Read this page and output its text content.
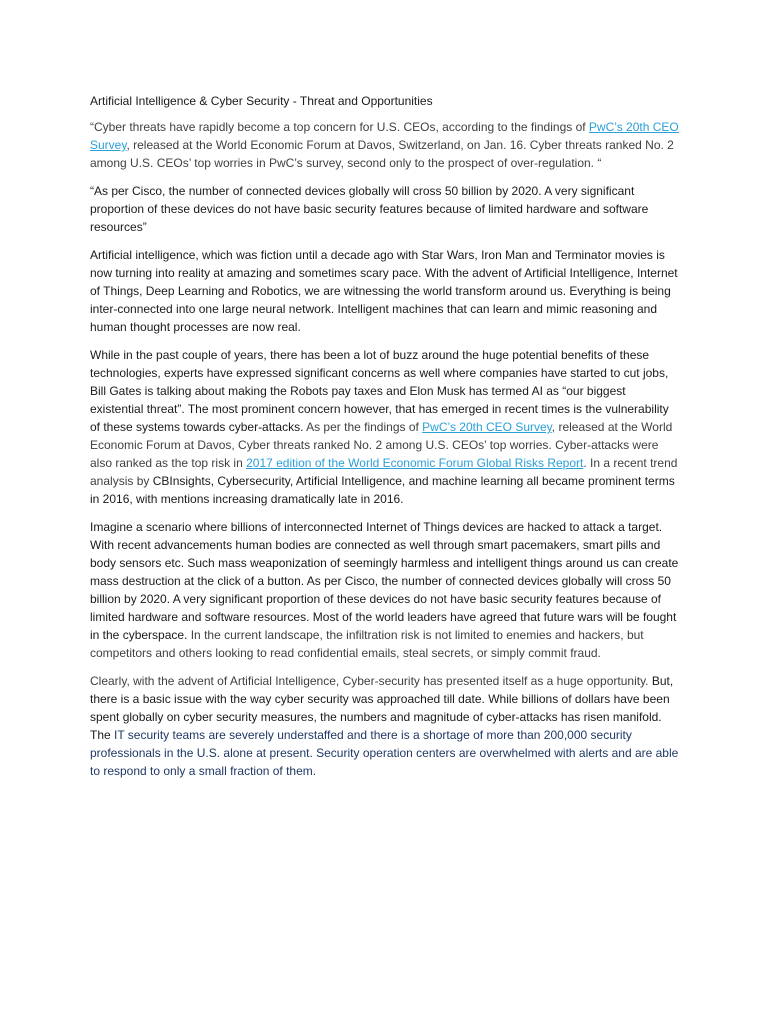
Artificial Intelligence & Cyber Security - Threat and Opportunities

“Cyber threats have rapidly become a top concern for U.S. CEOs, according to the findings of PwC’s 20th CEO Survey, released at the World Economic Forum at Davos, Switzerland, on Jan. 16. Cyber threats ranked No. 2 among U.S. CEOs’ top worries in PwC’s survey, second only to the prospect of over-regulation. “

“As per Cisco, the number of connected devices globally will cross 50 billion by 2020. A very significant proportion of these devices do not have basic security features because of limited hardware and software resources”

Artificial intelligence, which was fiction until a decade ago with Star Wars, Iron Man and Terminator movies is now turning into reality at amazing and sometimes scary pace. With the advent of Artificial Intelligence, Internet of Things, Deep Learning and Robotics, we are witnessing the world transform around us. Everything is being inter-connected into one large neural network. Intelligent machines that can learn and mimic reasoning and human thought processes are now real.

While in the past couple of years, there has been a lot of buzz around the huge potential benefits of these technologies, experts have expressed significant concerns as well where companies have started to cut jobs, Bill Gates is talking about making the Robots pay taxes and Elon Musk has termed AI as “our biggest existential threat”. The most prominent concern however, that has emerged in recent times is the vulnerability of these systems towards cyber-attacks. As per the findings of PwC’s 20th CEO Survey, released at the World Economic Forum at Davos, Cyber threats ranked No. 2 among U.S. CEOs’ top worries. Cyber-attacks were also ranked as the top risk in 2017 edition of the World Economic Forum Global Risks Report. In a recent trend analysis by CBInsights, Cybersecurity, Artificial Intelligence, and machine learning all became prominent terms in 2016, with mentions increasing dramatically late in 2016.

Imagine a scenario where billions of interconnected Internet of Things devices are hacked to attack a target. With recent advancements human bodies are connected as well through smart pacemakers, smart pills and body sensors etc. Such mass weaponization of seemingly harmless and intelligent things around us can create mass destruction at the click of a button. As per Cisco, the number of connected devices globally will cross 50 billion by 2020. A very significant proportion of these devices do not have basic security features because of limited hardware and software resources. Most of the world leaders have agreed that future wars will be fought in the cyberspace. In the current landscape, the infiltration risk is not limited to enemies and hackers, but competitors and others looking to read confidential emails, steal secrets, or simply commit fraud.

Clearly, with the advent of Artificial Intelligence, Cyber-security has presented itself as a huge opportunity. But, there is a basic issue with the way cyber security was approached till date. While billions of dollars have been spent globally on cyber security measures, the numbers and magnitude of cyber-attacks has risen manifold. The IT security teams are severely understaffed and there is a shortage of more than 200,000 security professionals in the U.S. alone at present. Security operation centers are overwhelmed with alerts and are able to respond to only a small fraction of them.
